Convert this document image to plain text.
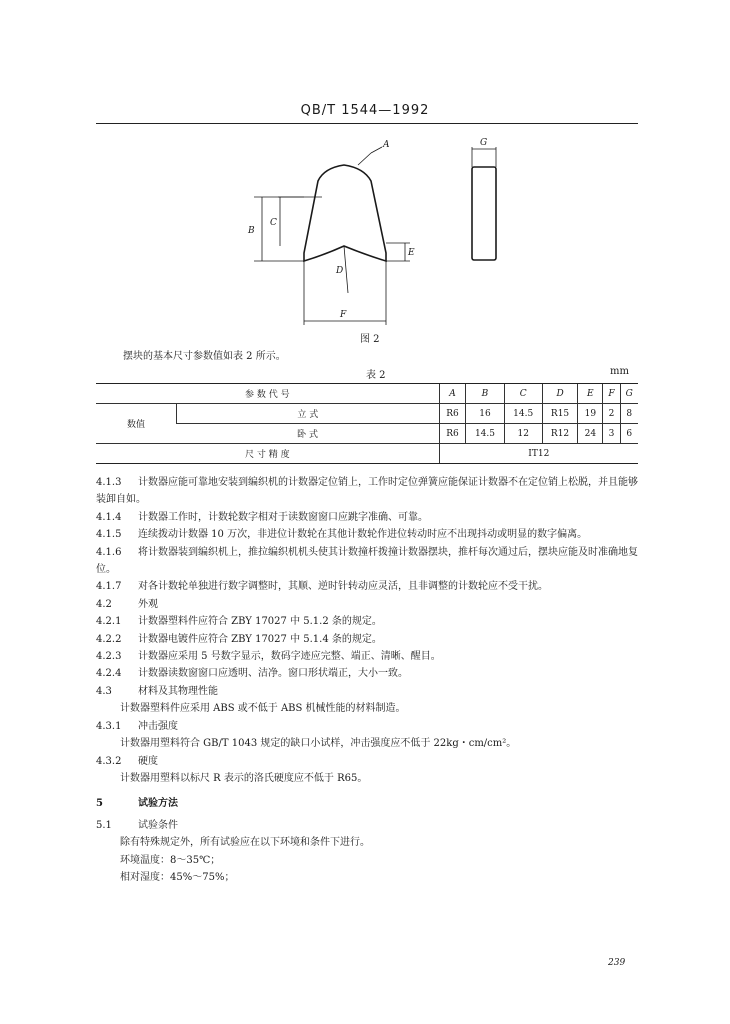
QB/T 1544—1992
A
B
C
D
E
F
G
图 2
摆块的基本尺寸参数值如表 2 所示。
表 2	mm
参 数 代 号		A	B	C	D	E	F	G
数值	立 式	R6	16	14.5	R15	19	2	8
	卧 式	R6	14.5	12	R12	24	3	6
尺 寸 精 度		IT12						

4.1.3 计数器应能可靠地安装到编织机的计数器定位销上，工作时定位弹簧应能保证计数器不在定位销上松脱，并且能够装卸自如。

4.1.4 计数器工作时，计数轮数字相对于读数窗窗口应跳字准确、可靠。

4.1.5 连续拨动计数器 10 万次，非进位计数轮在其他计数轮作进位转动时应不出现抖动或明显的数字偏离。

4.1.6 将计数器装到编织机上，推拉编织机机头使其计数撞杆拨撞计数器摆块，推杆每次通过后，摆块应能及时准确地复位。

4.1.7 对各计数轮单独进行数字调整时，其顺、逆时针转动应灵活，且非调整的计数轮应不受干扰。

4.2	外观

4.2.1 计数器塑料件应符合 ZBY 17027 中 5.1.2 条的规定。

4.2.2 计数器电镀件应符合 ZBY 17027 中 5.1.4 条的规定。

4.2.3 计数器应采用 5 号数字显示，数码字迹应完整、端正、清晰、醒目。

4.2.4 计数器读数窗窗口应透明、洁净。窗口形状端正，大小一致。

4.3	材料及其物理性能

计数器塑料件应采用 ABS 或不低于 ABS 机械性能的材料制造。

4.3.1 冲击强度

计数器用塑料符合 GB/T 1043 规定的缺口小试样，冲击强度应不低于 22kg・cm/cm²。

4.3.2 硬度

计数器用塑料以标尺 R 表示的洛氏硬度应不低于 R65。

5	试验方法

5.1	试验条件

除有特殊规定外，所有试验应在以下环境和条件下进行。

环境温度：8～35℃；

相对湿度：45%～75%；

239
